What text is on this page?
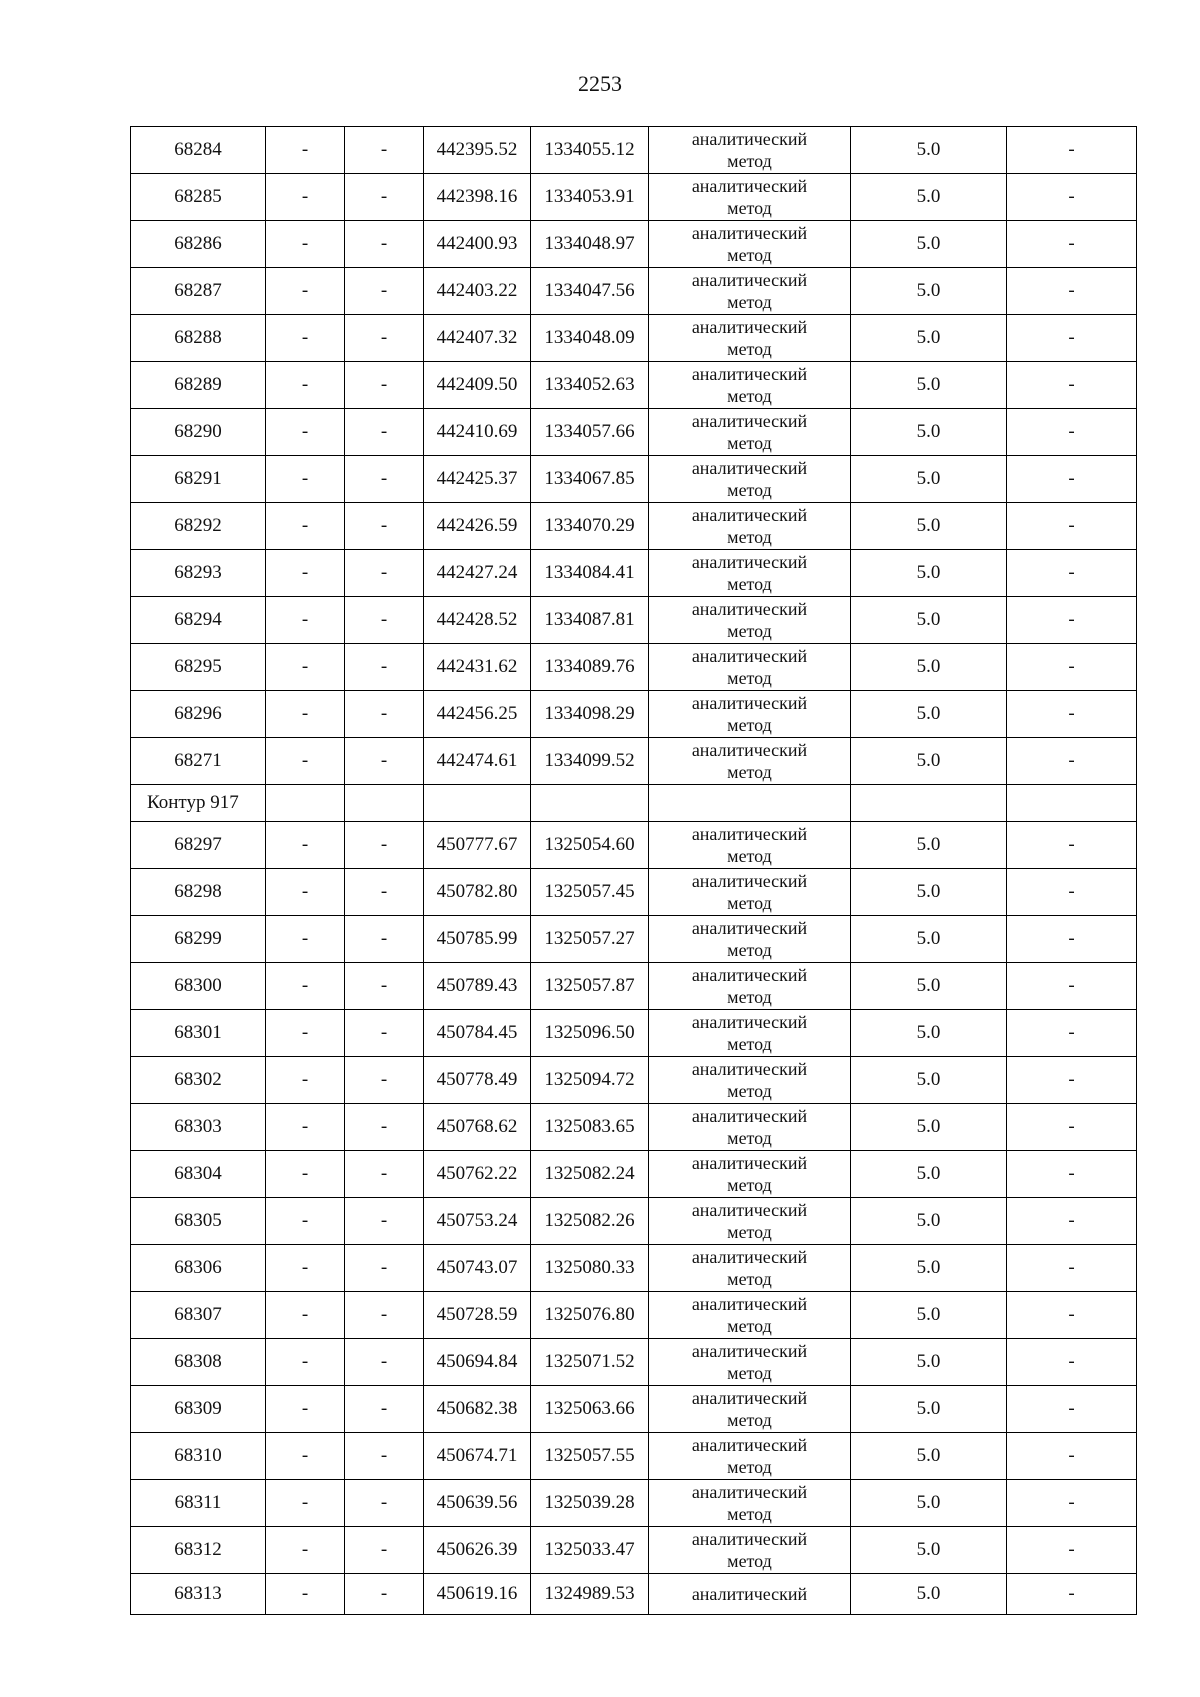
2253
68284	-	-	442395.52	1334055.12	аналитический
метод	5.0	-
68285	-	-	442398.16	1334053.91	аналитический
метод	5.0	-
68286	-	-	442400.93	1334048.97	аналитический
метод	5.0	-
68287	-	-	442403.22	1334047.56	аналитический
метод	5.0	-
68288	-	-	442407.32	1334048.09	аналитический
метод	5.0	-
68289	-	-	442409.50	1334052.63	аналитический
метод	5.0	-
68290	-	-	442410.69	1334057.66	аналитический
метод	5.0	-
68291	-	-	442425.37	1334067.85	аналитический
метод	5.0	-
68292	-	-	442426.59	1334070.29	аналитический
метод	5.0	-
68293	-	-	442427.24	1334084.41	аналитический
метод	5.0	-
68294	-	-	442428.52	1334087.81	аналитический
метод	5.0	-
68295	-	-	442431.62	1334089.76	аналитический
метод	5.0	-
68296	-	-	442456.25	1334098.29	аналитический
метод	5.0	-
68271	-	-	442474.61	1334099.52	аналитический
метод	5.0	-
Контур 917							
68297	-	-	450777.67	1325054.60	аналитический
метод	5.0	-
68298	-	-	450782.80	1325057.45	аналитический
метод	5.0	-
68299	-	-	450785.99	1325057.27	аналитический
метод	5.0	-
68300	-	-	450789.43	1325057.87	аналитический
метод	5.0	-
68301	-	-	450784.45	1325096.50	аналитический
метод	5.0	-
68302	-	-	450778.49	1325094.72	аналитический
метод	5.0	-
68303	-	-	450768.62	1325083.65	аналитический
метод	5.0	-
68304	-	-	450762.22	1325082.24	аналитический
метод	5.0	-
68305	-	-	450753.24	1325082.26	аналитический
метод	5.0	-
68306	-	-	450743.07	1325080.33	аналитический
метод	5.0	-
68307	-	-	450728.59	1325076.80	аналитический
метод	5.0	-
68308	-	-	450694.84	1325071.52	аналитический
метод	5.0	-
68309	-	-	450682.38	1325063.66	аналитический
метод	5.0	-
68310	-	-	450674.71	1325057.55	аналитический
метод	5.0	-
68311	-	-	450639.56	1325039.28	аналитический
метод	5.0	-
68312	-	-	450626.39	1325033.47	аналитический
метод	5.0	-
68313	-	-	450619.16	1324989.53	аналитический	5.0	-
